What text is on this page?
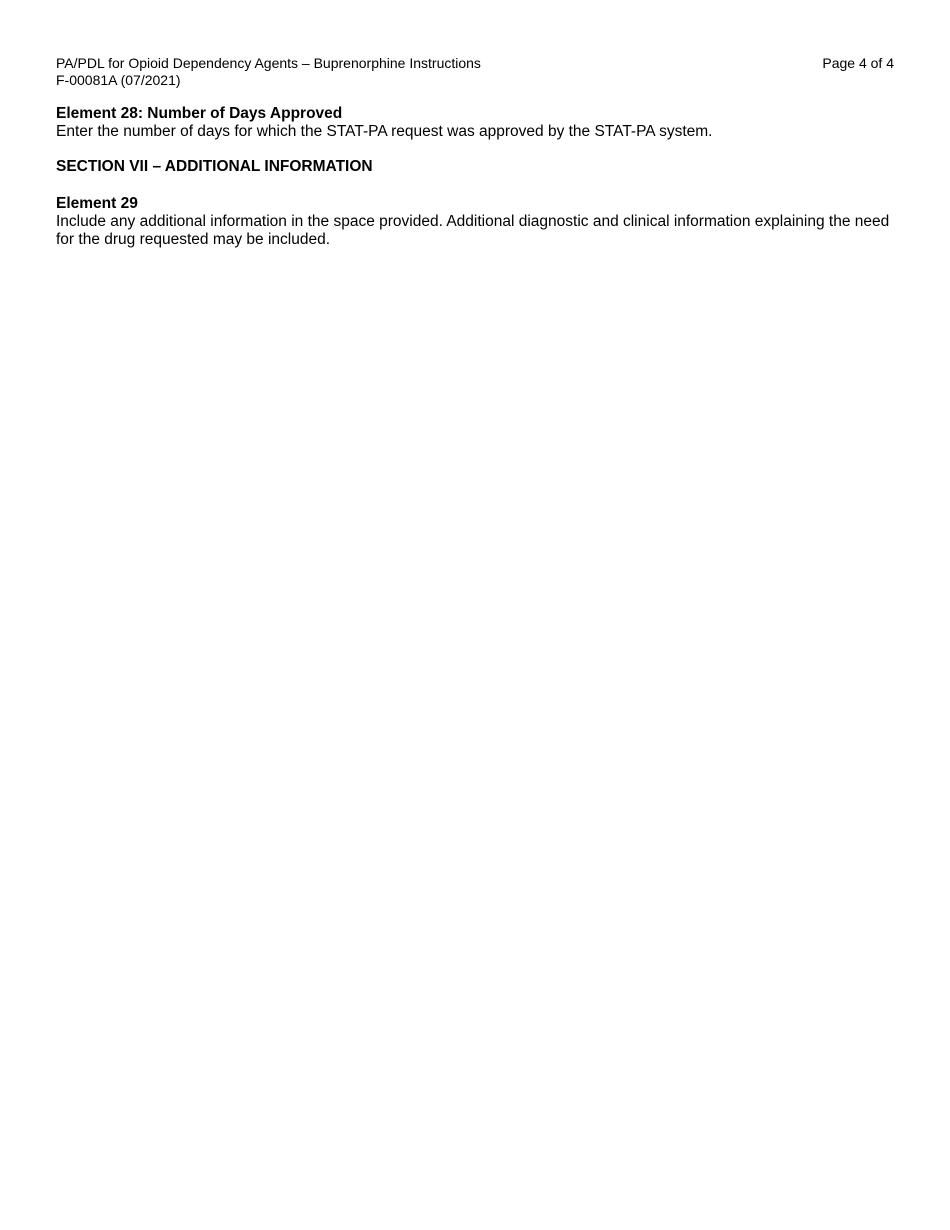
PA/PDL for Opioid Dependency Agents – Buprenorphine Instructions	Page 4 of 4
F-00081A (07/2021)
Element 28: Number of Days Approved
Enter the number of days for which the STAT-PA request was approved by the STAT-PA system.
SECTION VII – ADDITIONAL INFORMATION
Element 29
Include any additional information in the space provided. Additional diagnostic and clinical information explaining the need for the drug requested may be included.
